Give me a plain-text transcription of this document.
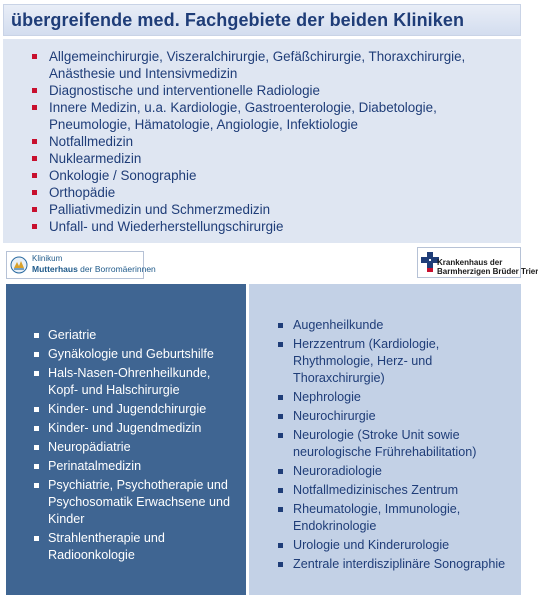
übergreifende med. Fachgebiete der beiden Kliniken
Allgemeinchirurgie, Viszeralchirurgie, Gefäßchirurgie, Thoraxchirurgie, Anästhesie und Intensivmedizin
Diagnostische und interventionelle Radiologie
Innere Medizin, u.a. Kardiologie, Gastroenterologie, Diabetologie, Pneumologie, Hämatologie, Angiologie, Infektiologie
Notfallmedizin
Nuklearmedizin
Onkologie / Sonographie
Orthopädie
Palliativmedizin und Schmerzmedizin
Unfall- und Wiederherstellungschirurgie
Klinikum
Mutterhaus der Borromäerinnen
Krankenhaus der
Barmherzigen Brüder Trier
Geriatrie
Gynäkologie und Geburtshilfe
Hals-Nasen-Ohrenheilkunde, Kopf- und Halschirurgie
Kinder- und Jugendchirurgie
Kinder- und Jugendmedizin
Neuropädiatrie
Perinatalmedizin
Psychiatrie, Psychotherapie und Psychosomatik Erwachsene und Kinder
Strahlentherapie und Radioonkologie
Augenheilkunde
Herzzentrum (Kardiologie, Rhythmologie, Herz- und Thoraxchirurgie)
Nephrologie
Neurochirurgie
Neurologie (Stroke Unit sowie neurologische Frührehabilitation)
Neuroradiologie
Notfallmedizinisches Zentrum
Rheumatologie, Immunologie, Endokrinologie
Urologie und Kinderurologie
Zentrale interdisziplinäre Sonographie
